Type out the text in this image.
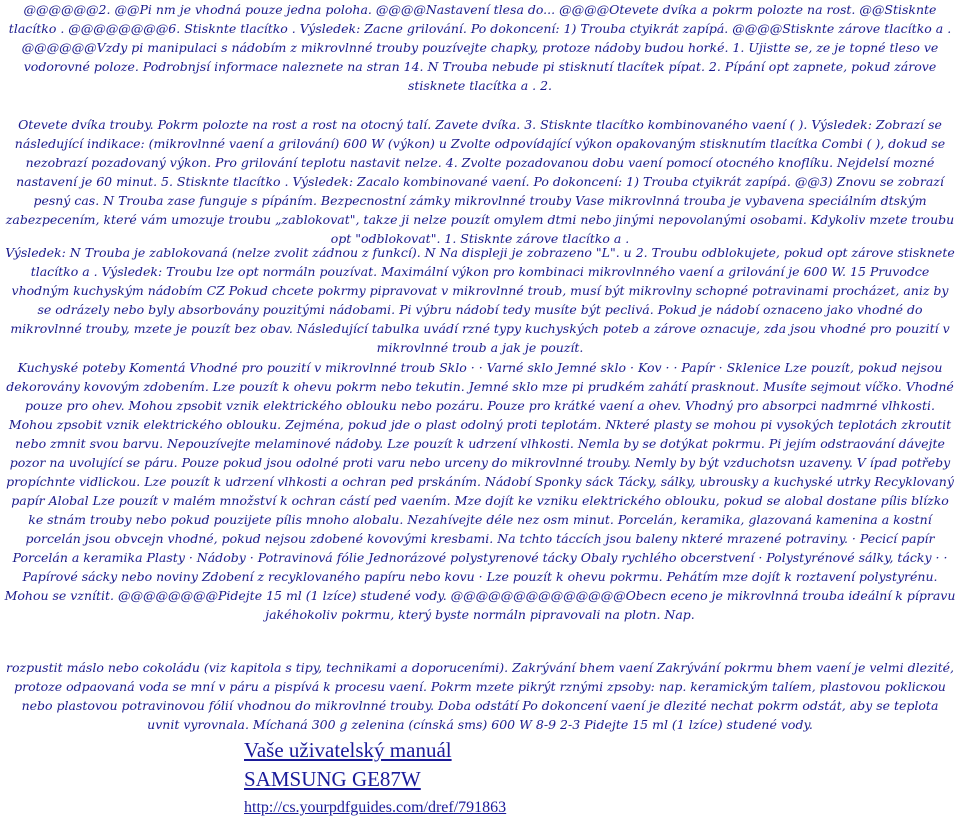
@@@@@@2. @@Pi nm je vhodná pouze jedna poloha. @@@@Nastavení tlesa do... @@@@Otevete dvíka a pokrm polozte na rost. @@Stisknte tlacítko . @@@@@@@@6. Stisknte tlacítko . Výsledek: Zacne grilování. Po dokoncení: 1) Trouba ctyikrát zapípá. @@@@Stisknte zárove tlacítko a . @@@@@@Vzdy pi manipulaci s nádobím z mikrovlnné trouby pouzívejte chapky, protoze nádoby budou horké. 1. Ujistte se, ze je topné tleso ve vodorovné poloze. Podrobnjsí informace naleznete na stran 14. N Trouba nebude pi stisknutí tlacítek pípat. 2. Pípání opt zapnete, pokud zárove stisknete tlacítka a . 2.

Otevete dvíka trouby. Pokrm polozte na rost a rost na otocný talí. Zavete dvíka. 3. Stisknte tlacítko kombinovaného vaení ( ). Výsledek: Zobrazí se následující indikace: (mikrovlnné vaení a grilování) 600 W (výkon) u Zvolte odpovídající výkon opakovaným stisknutím tlacítka Combi ( ), dokud se nezobrazí pozadovaný výkon. Pro grilování teplotu nastavit nelze. 4. Zvolte pozadovanou dobu vaení pomocí otocného knoflíku. Nejdelsí mozné nastavení je 60 minut. 5. Stisknte tlacítko . Výsledek: Zacalo kombinované vaení. Po dokoncení: 1) Trouba ctyikrát zapípá. @@3) Znovu se zobrazí pesný cas. N Trouba zase funguje s pípáním. Bezpecnostní zámky mikrovlnné trouby Vase mikrovlnná trouba je vybavena speciálním dtským zabezpecením, které vám umozuje troubu „zablokovat", takze ji nelze pouzít omylem dtmi nebo jinými nepovolanými osobami. Kdykoliv mzete troubu opt "odblokovat". 1. Stisknte zárove tlacítko a .

Výsledek: N Trouba je zablokovaná (nelze zvolit zádnou z funkcí). N Na displeji je zobrazeno "L". u 2. Troubu odblokujete, pokud opt zárove stisknete tlacítko a . Výsledek: Troubu lze opt normáln pouzívat. Maximální výkon pro kombinaci mikrovlnného vaení a grilování je 600 W. 15 Pruvodce vhodným kuchyským nádobím CZ Pokud chcete pokrmy pipravovat v mikrovlnné troub, musí být mikrovlny schopné potravinami procházet, aniz by se odrázely nebo byly absorbovány pouzitými nádobami. Pi výbru nádobí tedy musíte být peclivá. Pokud je nádobí oznaceno jako vhodné do mikrovlnné trouby, mzete je pouzít bez obav. Následující tabulka uvádí rzné typy kuchyských poteb a zárove oznacuje, zda jsou vhodné pro pouzití v mikrovlnné troub a jak je pouzít.

Kuchyské poteby Komentá Vhodné pro pouzití v mikrovlnné troub Sklo · · Varné sklo Jemné sklo · Kov · · Papír · Sklenice Lze pouzít, pokud nejsou dekorovány kovovým zdobením. Lze pouzít k ohevu pokrm nebo tekutin. Jemné sklo mze pi prudkém zahátí prasknout. Musíte sejmout víčko. Vhodné pouze pro ohev. Mohou zpsobit vznik elektrického oblouku nebo pozáru. Pouze pro krátké vaení a ohev. Vhodný pro absorpci nadmrné vlhkosti. Mohou zpsobit vznik elektrického oblouku. Zejména, pokud jde o plast odolný proti teplotám. Nkteré plasty se mohou pi vysokých teplotách zkroutit nebo zmnit svou barvu. Nepouzívejte melaminové nádoby. Lze pouzít k udrzení vlhkosti. Nemla by se dotýkat pokrmu. Pi jejím odstraování dávejte pozor na uvolující se páru. Pouze pokud jsou odolné proti varu nebo urceny do mikrovlnné trouby. Nemly by být vzduchotsn uzaveny. V ípad potřeby propíchnte vidlickou. Lze pouzít k udrzení vlhkosti a ochran ped prskáním. Nádobí Sponky sáck Tácky, sálky, ubrousky a kuchyské utrky Recyklovaný papír Alobal Lze pouzít v malém množství k ochran cástí ped vaením. Mze dojít ke vzniku elektrického oblouku, pokud se alobal dostane pílis blízko ke stnám trouby nebo pokud pouzijete pílis mnoho alobalu. Nezahívejte déle nez osm minut. Porcelán, keramika, glazovaná kamenina a kostní porcelán jsou obvcejn vhodné, pokud nejsou zdobené kovovými kresbami. Na tchto táccích jsou baleny nkteré mrazené potraviny. · Pecicí papír Porcelán a keramika Plasty · Nádoby · Potravinová fólie Jednorázové polystyrenové tácky Obaly rychlého obcerstvení · Polystyrénové sálky, tácky · · Papírové sácky nebo noviny Zdobení z recyklovaného papíru nebo kovu · Lze pouzít k ohevu pokrmu. Pehátím mze dojít k roztavení polystyrénu. Mohou se vznítit. @@@@@@@@Pidejte 15 ml (1 lzíce) studené vody. @@@@@@@@@@@@@@Obecn eceno je mikrovlnná trouba ideální k pípravu jakéhokoliv pokrmu, který byste normáln pipravovali na plotn. Nap.

rozpustit máslo nebo cokoládu (viz kapitola s tipy, technikami a doporuceními). Zakrývání bhem vaení Zakrývání pokrmu bhem vaení je velmi dlezité, protoze odpaovaná voda se mní v páru a pispívá k procesu vaení. Pokrm mzete pikrýt rznými zpsoby: nap. keramickým talíem, plastovou poklicкou nebo plastovou potravinovou fólií vhodnou do mikrovlnné trouby. Doba odstátí Po dokoncení vaení je dlezité nechat pokrm odstát, aby se teplota uvnit vyrovnala. Míchaná 300 g zelenina (cínská sms) 600 W 8-9 2-3 Pidejte 15 ml (1 lzíce) studené vody.

Vaše uživatelský manuál
SAMSUNG GE87W
http://cs.yourpdfguides.com/dref/791863
